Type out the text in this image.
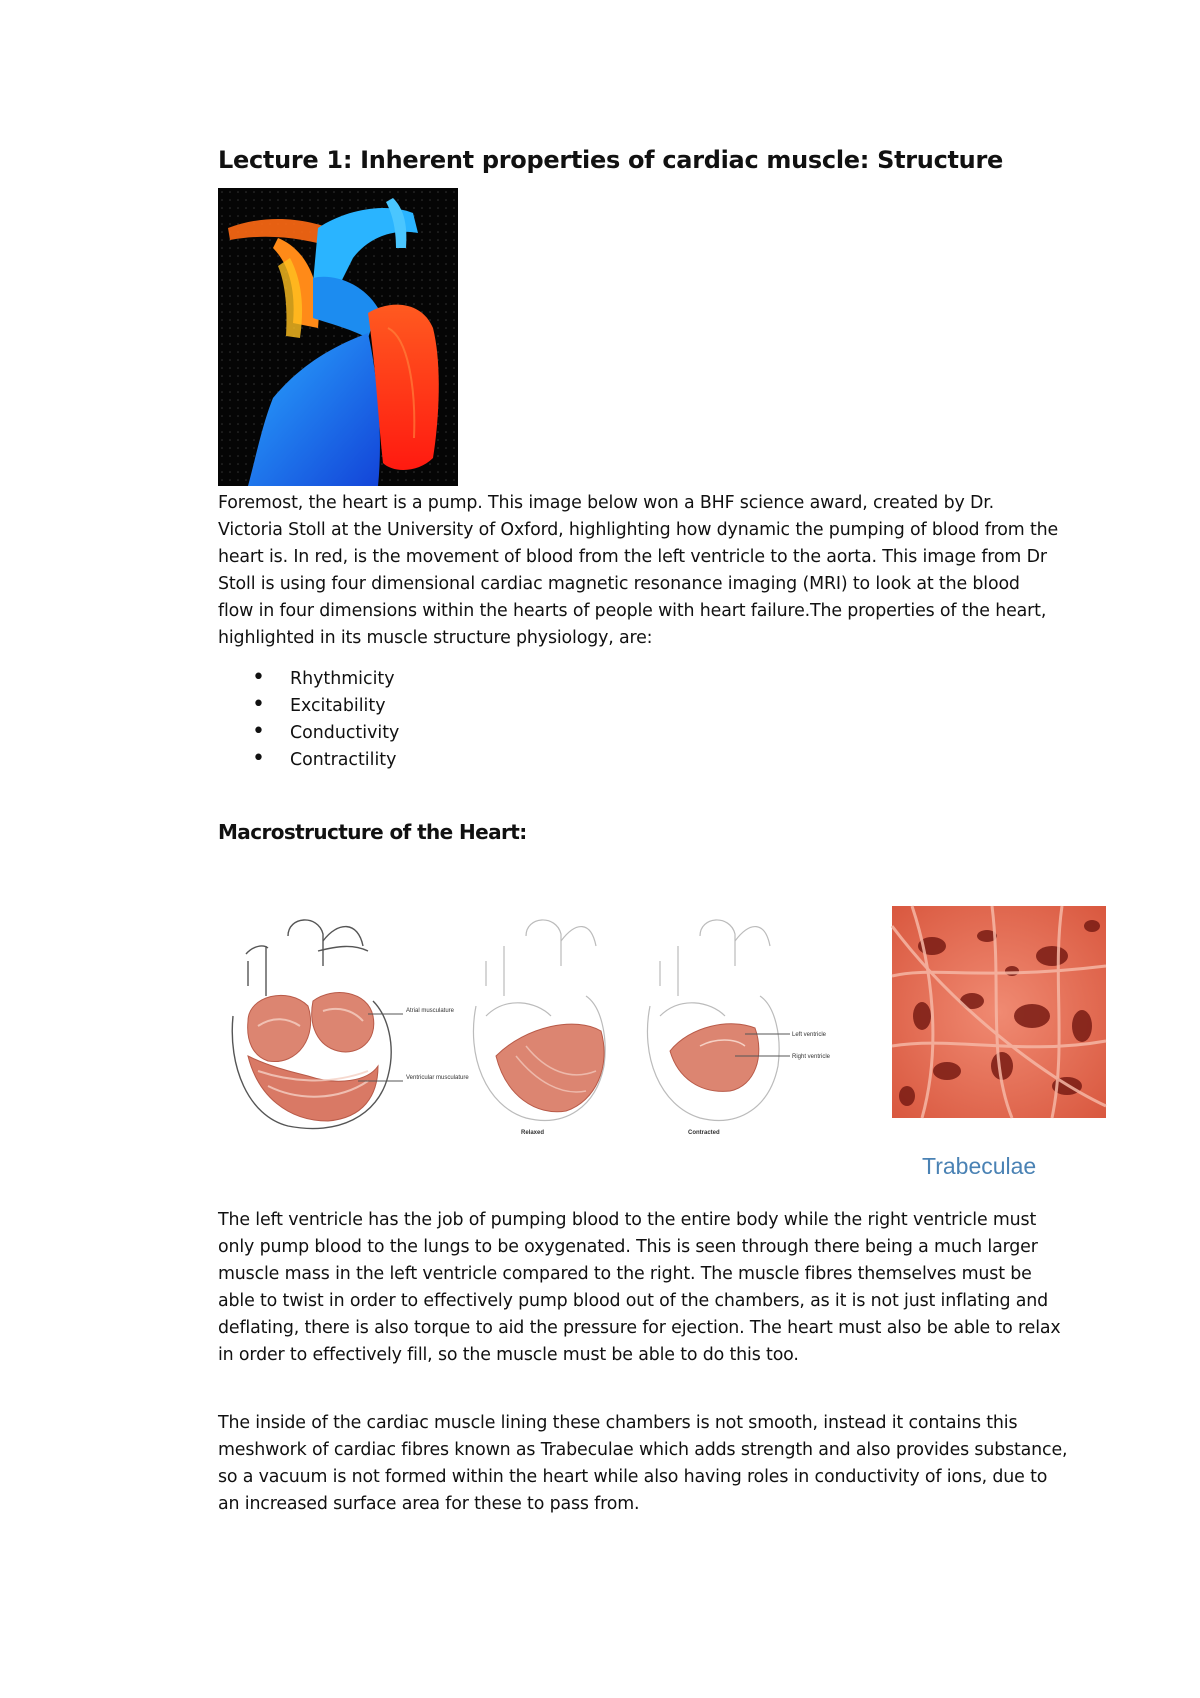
Lecture 1: Inherent properties of cardiac muscle: Structure

Foremost, the heart is a pump. This image below won a BHF science award, created by Dr. Victoria Stoll at the University of Oxford, highlighting how dynamic the pumping of blood from the heart is. In red, is the movement of blood from the left ventricle to the aorta. This image from Dr Stoll is using four dimensional cardiac magnetic resonance imaging (MRI) to look at the blood flow in four dimensions within the hearts of people with heart failure.The properties of the heart, highlighted in its muscle structure physiology, are:

• Rhythmicity
• Excitability
• Conductivity
• Contractility
Macrostructure of the Heart:
Atrial musculature
Ventricular musculature
Relaxed
Left ventricle
Right ventricle
Contracted
Trabeculae

The left ventricle has the job of pumping blood to the entire body while the right ventricle must only pump blood to the lungs to be oxygenated. This is seen through there being a much larger muscle mass in the left ventricle compared to the right. The muscle fibres themselves must be able to twist in order to effectively pump blood out of the chambers, as it is not just inflating and deflating, there is also torque to aid the pressure for ejection. The heart must also be able to relax in order to effectively fill, so the muscle must be able to do this too.

The inside of the cardiac muscle lining these chambers is not smooth, instead it contains this meshwork of cardiac fibres known as Trabeculae which adds strength and also provides substance, so a vacuum is not formed within the heart while also having roles in conductivity of ions, due to an increased surface area for these to pass from.
